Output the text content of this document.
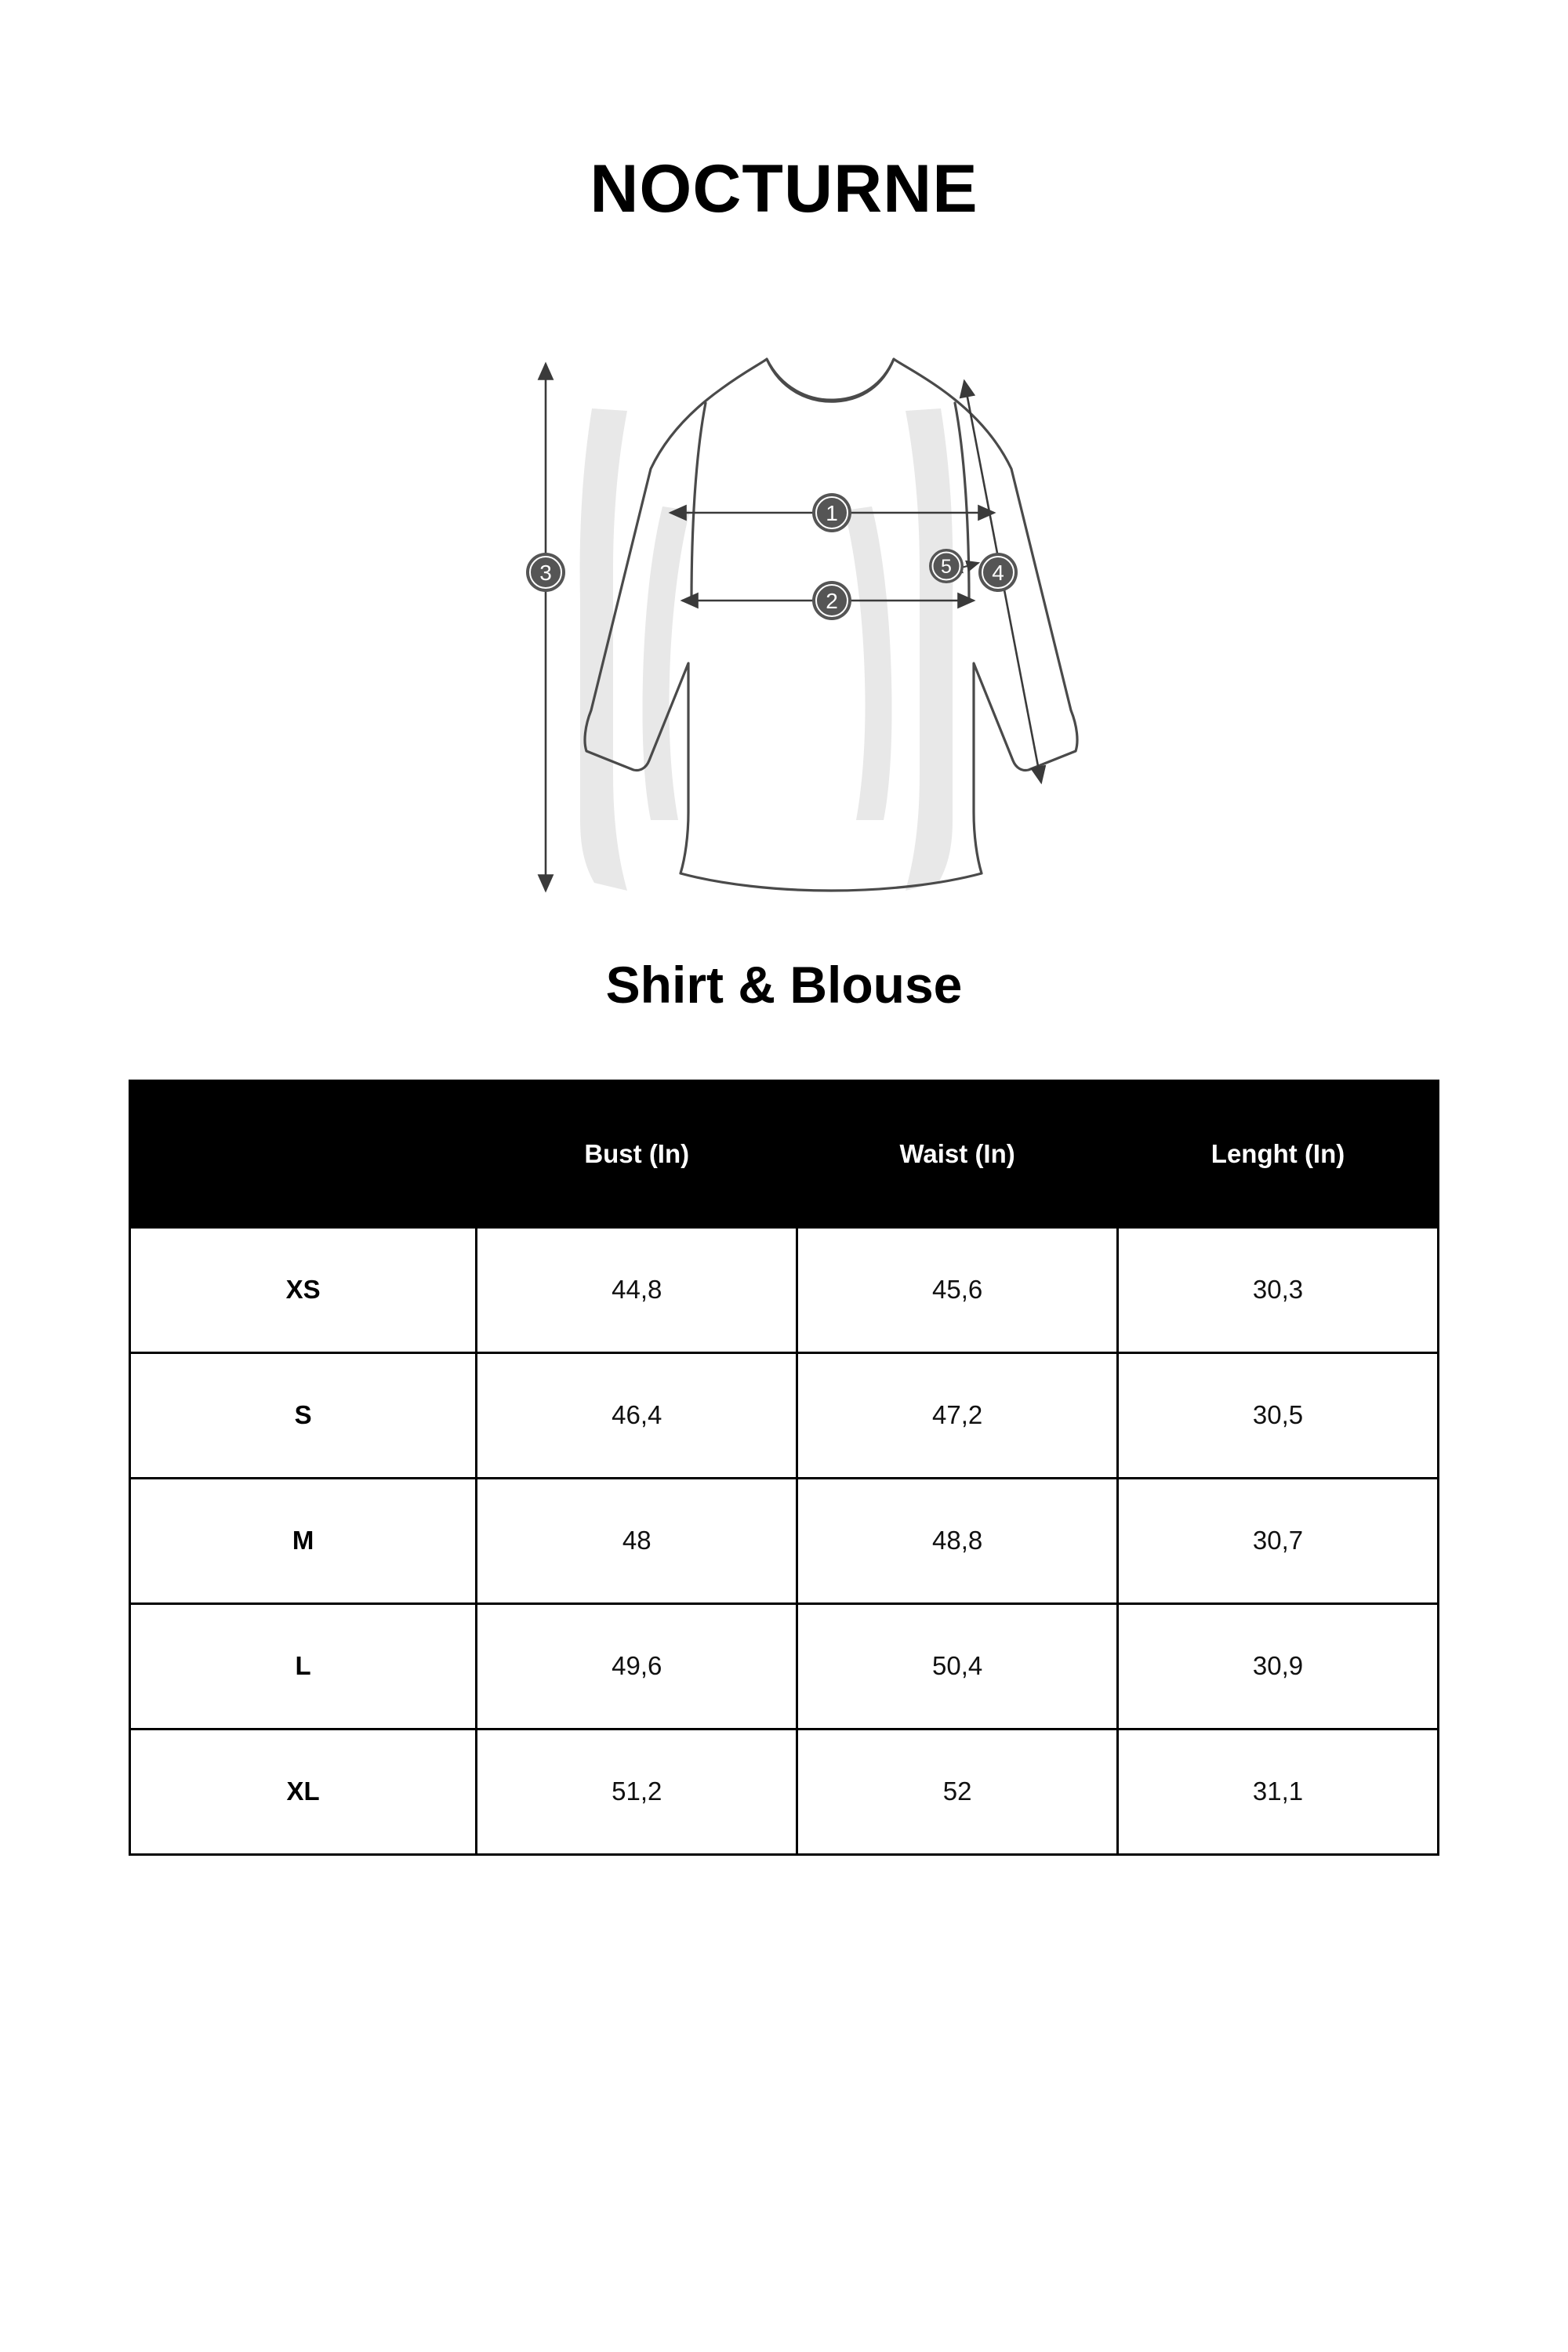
NOCTURNE
1
2
3	4
5
Shirt & Blouse
	Bust (In)	Waist (In)	Lenght (In)
XS	44,8	45,6	30,3
S	46,4	47,2	30,5
M	48	48,8	30,7
L	49,6	50,4	30,9
XL	51,2	52	31,1
